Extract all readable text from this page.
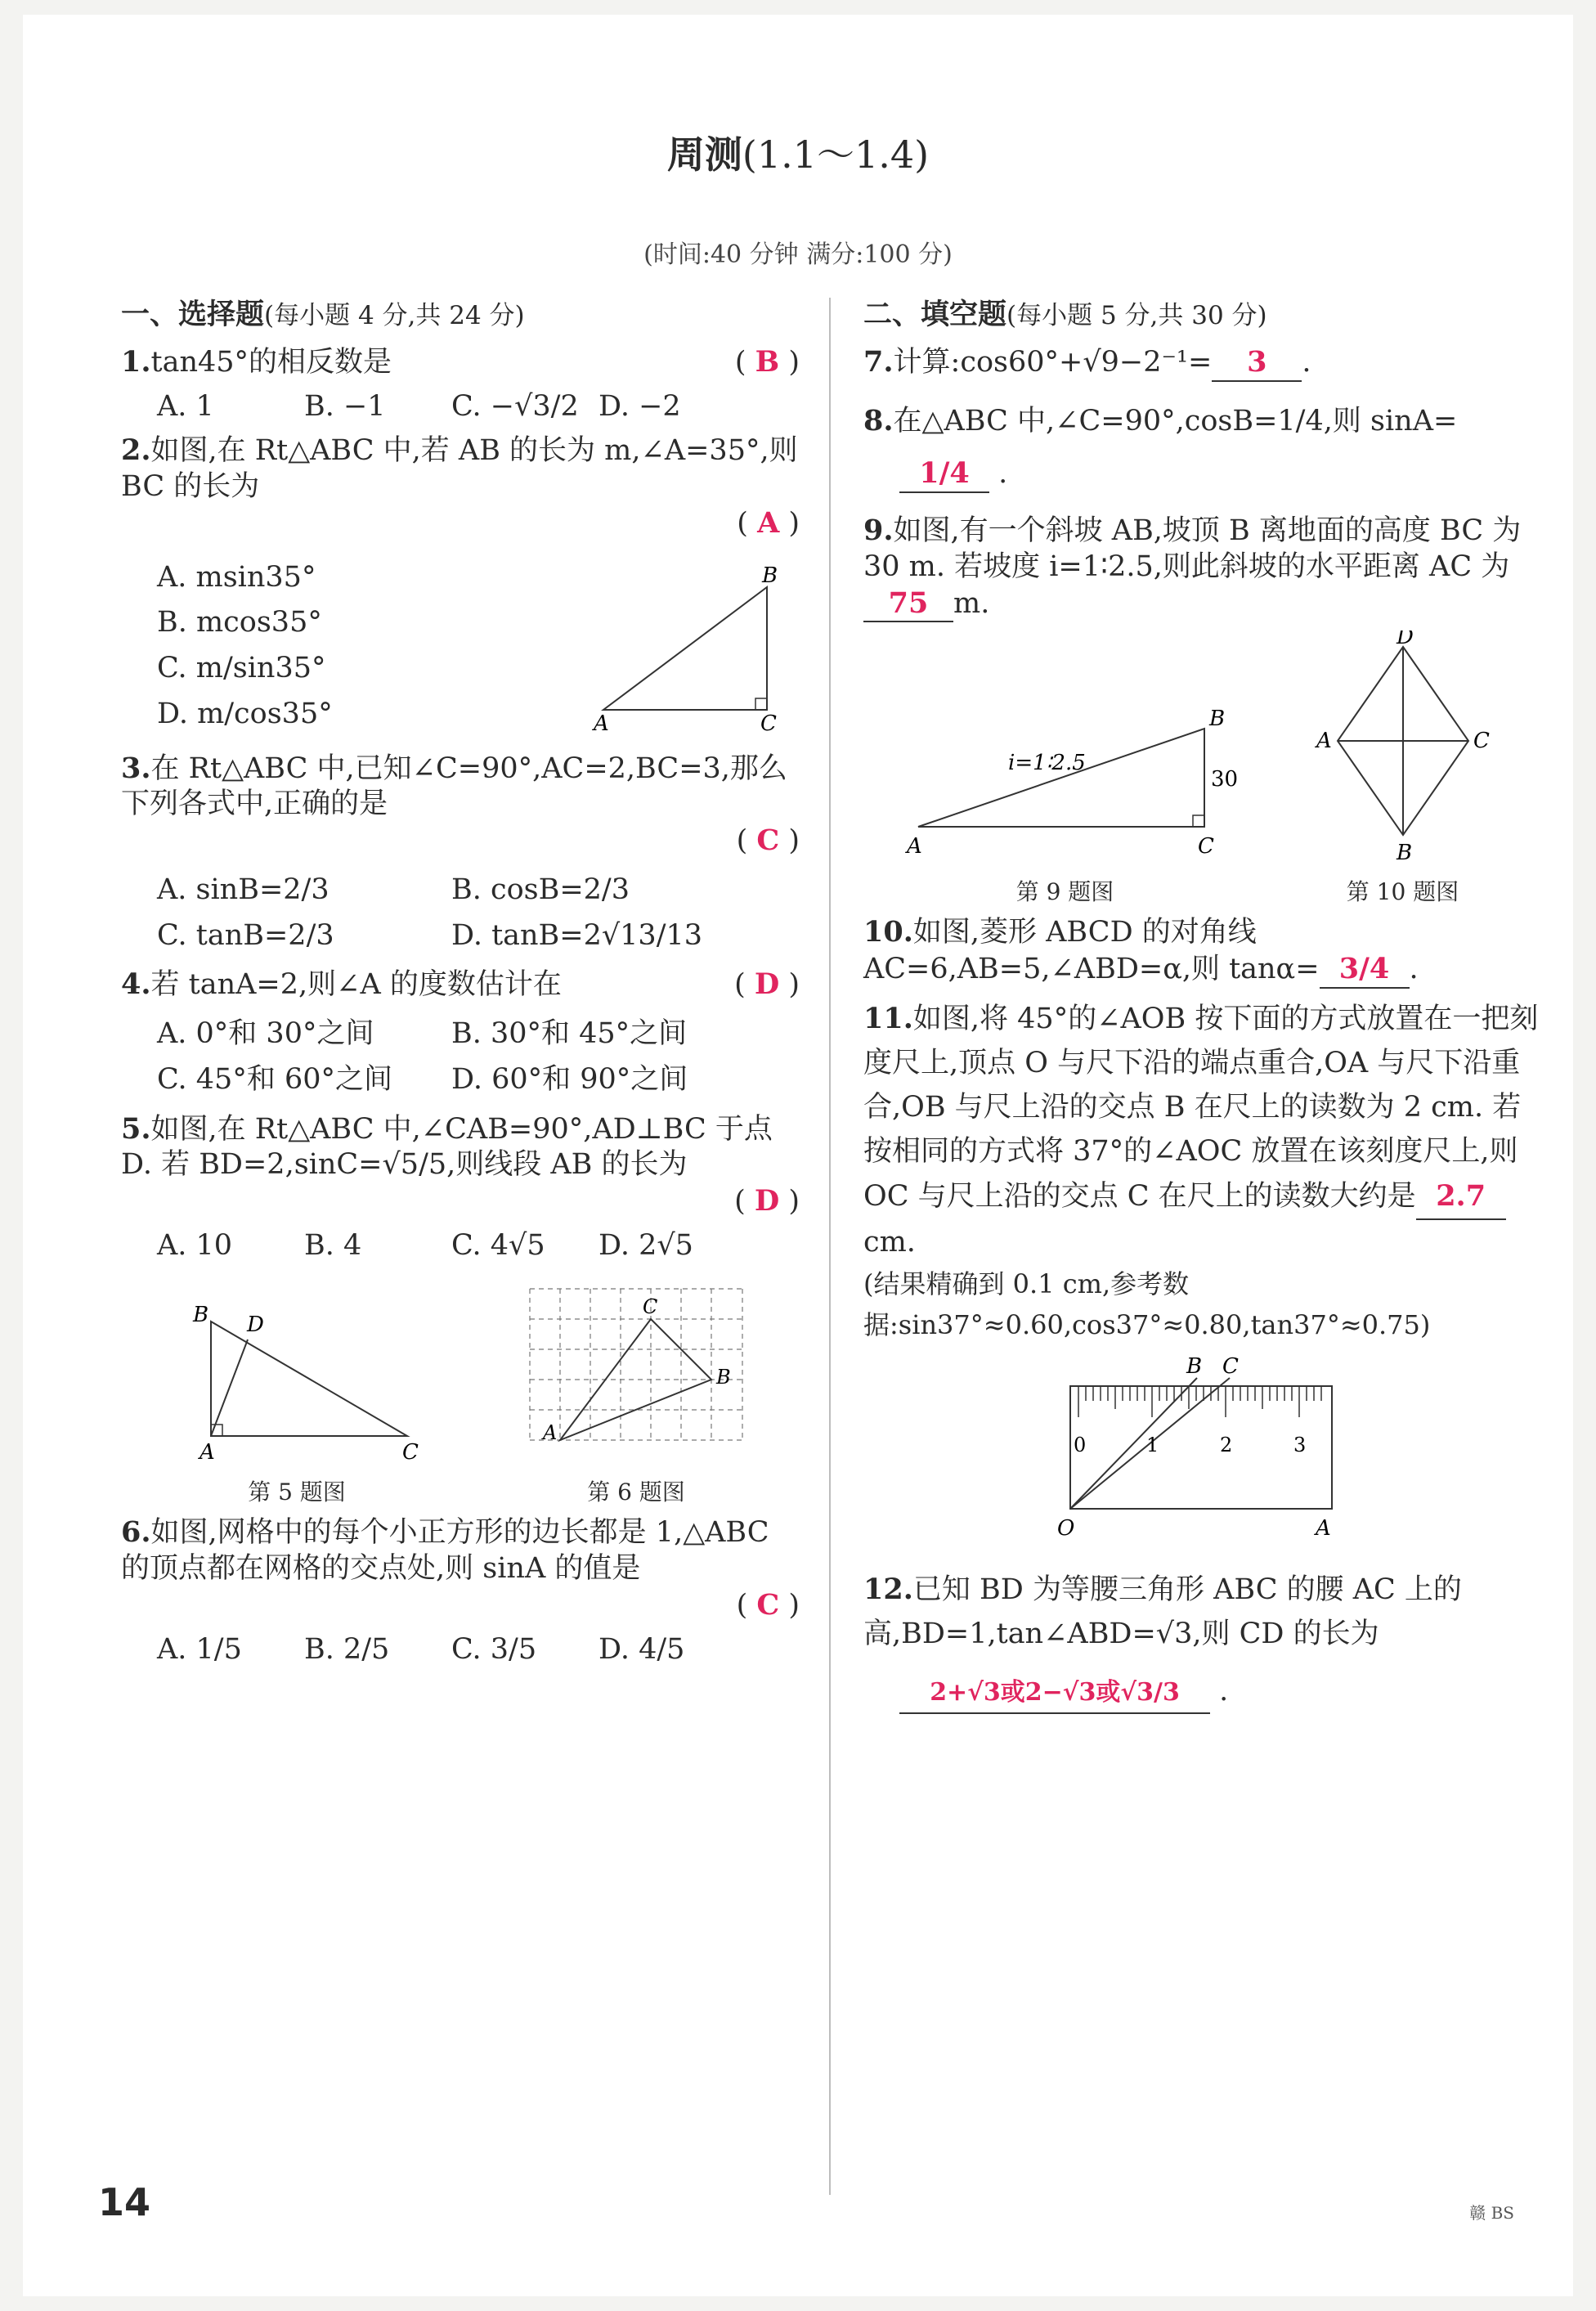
周测(1.1～1.4)
(时间:40 分钟 满分:100 分)
一、选择题(每小题 4 分,共 24 分)
( B )
1.tan45°的相反数是
A. 1	B. −1	C. −√3/2 D. −2
2.如图,在 Rt△ABC 中,若 AB 的长为 m,∠A=35°,则 BC 的长为
( A )
A. msin35°
B. mcos35°
C. m/sin35°
D. m/cos35°	A	C
B
3.在 Rt△ABC 中,已知∠C=90°,AC=2,BC=3,那么下列各式中,正确的是
( C )
A. sinB=2/3	B. cosB=2/3
C. tanB=2/3	D. tanB=2√13/13
( D )
4.若 tanA=2,则∠A 的度数估计在
A. 0°和 30°之间	B. 30°和 45°之间
C. 45°和 60°之间	D. 60°和 90°之间
5.如图,在 Rt△ABC 中,∠CAB=90°,AD⊥BC 于点 D. 若 BD=2,sinC=√5/5,则线段 AB 的长为
( D )
A. 10	B. 4	C. 4√5	D. 2√5
B D
A	C
第 5 题图
A
C
B
第 6 题图
6.如图,网格中的每个小正方形的边长都是 1,△ABC 的顶点都在网格的交点处,则 sinA 的值是
( C )
A. 1/5	B. 2/5	C. 3/5	D. 4/5
二、填空题(每小题 5 分,共 30 分)
7.计算:cos60°+√9−2⁻¹= 3 .
8.在△ABC 中,∠C=90°,cosB=1/4,则 sinA=
1/4 .
9.如图,有一个斜坡 AB,坡顶 B 离地面的高度 BC 为 30 m. 若坡度 i=1∶2.5,则此斜坡的水平距离 AC 为75 m.
i=1∶2.5
30
A	C
B
第 9 题图
D
A	C
B
第 10 题图
10.如图,菱形 ABCD 的对角线 AC=6,AB=5,∠ABD=α,则 tanα= 3/4 .
11.如图,将 45°的∠AOB 按下面的方式放置在一把刻度尺上,顶点 O 与尺下沿的端点重合,OA 与尺下沿重合,OB 与尺上沿的交点 B 在尺上的读数为 2 cm. 若按相同的方式将 37°的∠AOC 放置在该刻度尺上,则 OC 与尺上沿的交点 C 在尺上的读数大约是 2.7cm.
(结果精确到 0.1 cm,参考数据:sin37°≈0.60,cos37°≈0.80,tan37°≈0.75)
0	1	2	3
O	A
B C
12.已知 BD 为等腰三角形 ABC 的腰 AC 上的高,BD=1,tan∠ABD=√3,则 CD 的长为
2+√3或2−√3或√3/3 .
14	赣 BS
